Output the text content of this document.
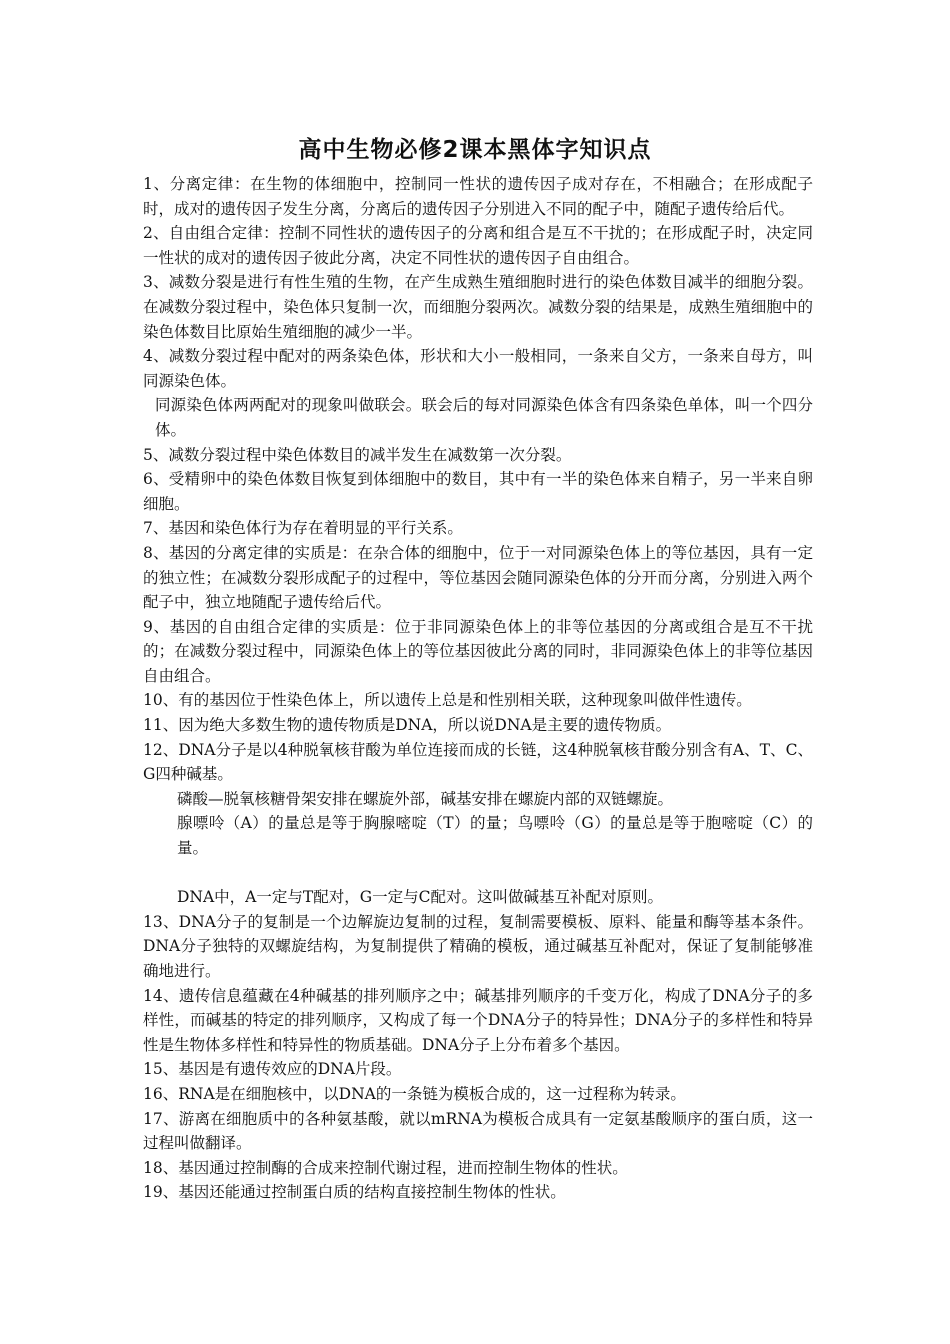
高中生物必修2课本黑体字知识点

1、分离定律：在生物的体细胞中，控制同一性状的遗传因子成对存在，不相融合；在形成配子时，成对的遗传因子发生分离，分离后的遗传因子分别进入不同的配子中，随配子遗传给后代。

2、自由组合定律：控制不同性状的遗传因子的分离和组合是互不干扰的；在形成配子时，决定同一性状的成对的遗传因子彼此分离，决定不同性状的遗传因子自由组合。

3、减数分裂是进行有性生殖的生物，在产生成熟生殖细胞时进行的染色体数目减半的细胞分裂。在减数分裂过程中，染色体只复制一次，而细胞分裂两次。减数分裂的结果是，成熟生殖细胞中的染色体数目比原始生殖细胞的减少一半。

4、减数分裂过程中配对的两条染色体，形状和大小一般相同，一条来自父方，一条来自母方，叫同源染色体。

同源染色体两两配对的现象叫做联会。联会后的每对同源染色体含有四条染色单体，叫一个四分体。

5、减数分裂过程中染色体数目的减半发生在减数第一次分裂。

6、受精卵中的染色体数目恢复到体细胞中的数目，其中有一半的染色体来自精子，另一半来自卵细胞。

7、基因和染色体行为存在着明显的平行关系。

8、基因的分离定律的实质是：在杂合体的细胞中，位于一对同源染色体上的等位基因，具有一定的独立性；在减数分裂形成配子的过程中，等位基因会随同源染色体的分开而分离，分别进入两个配子中，独立地随配子遗传给后代。

9、基因的自由组合定律的实质是：位于非同源染色体上的非等位基因的分离或组合是互不干扰的；在减数分裂过程中，同源染色体上的等位基因彼此分离的同时，非同源染色体上的非等位基因自由组合。

10、有的基因位于性染色体上，所以遗传上总是和性别相关联，这种现象叫做伴性遗传。

11、因为绝大多数生物的遗传物质是DNA，所以说DNA是主要的遗传物质。

12、DNA分子是以4种脱氧核苷酸为单位连接而成的长链，这4种脱氧核苷酸分别含有A、T、C、G四种碱基。

磷酸—脱氧核糖骨架安排在螺旋外部，碱基安排在螺旋内部的双链螺旋。

腺嘌呤（A）的量总是等于胸腺嘧啶（T）的量；鸟嘌呤（G）的量总是等于胞嘧啶（C）的量。

DNA中，A一定与T配对，G一定与C配对。这叫做碱基互补配对原则。

13、DNA分子的复制是一个边解旋边复制的过程，复制需要模板、原料、能量和酶等基本条件。DNA分子独特的双螺旋结构，为复制提供了精确的模板，通过碱基互补配对，保证了复制能够准确地进行。

14、遗传信息蕴藏在4种碱基的排列顺序之中；碱基排列顺序的千变万化，构成了DNA分子的多样性，而碱基的特定的排列顺序，又构成了每一个DNA分子的特异性；DNA分子的多样性和特异性是生物体多样性和特异性的物质基础。DNA分子上分布着多个基因。

15、基因是有遗传效应的DNA片段。

16、RNA是在细胞核中，以DNA的一条链为模板合成的，这一过程称为转录。

17、游离在细胞质中的各种氨基酸，就以mRNA为模板合成具有一定氨基酸顺序的蛋白质，这一过程叫做翻译。

18、基因通过控制酶的合成来控制代谢过程，进而控制生物体的性状。

19、基因还能通过控制蛋白质的结构直接控制生物体的性状。
